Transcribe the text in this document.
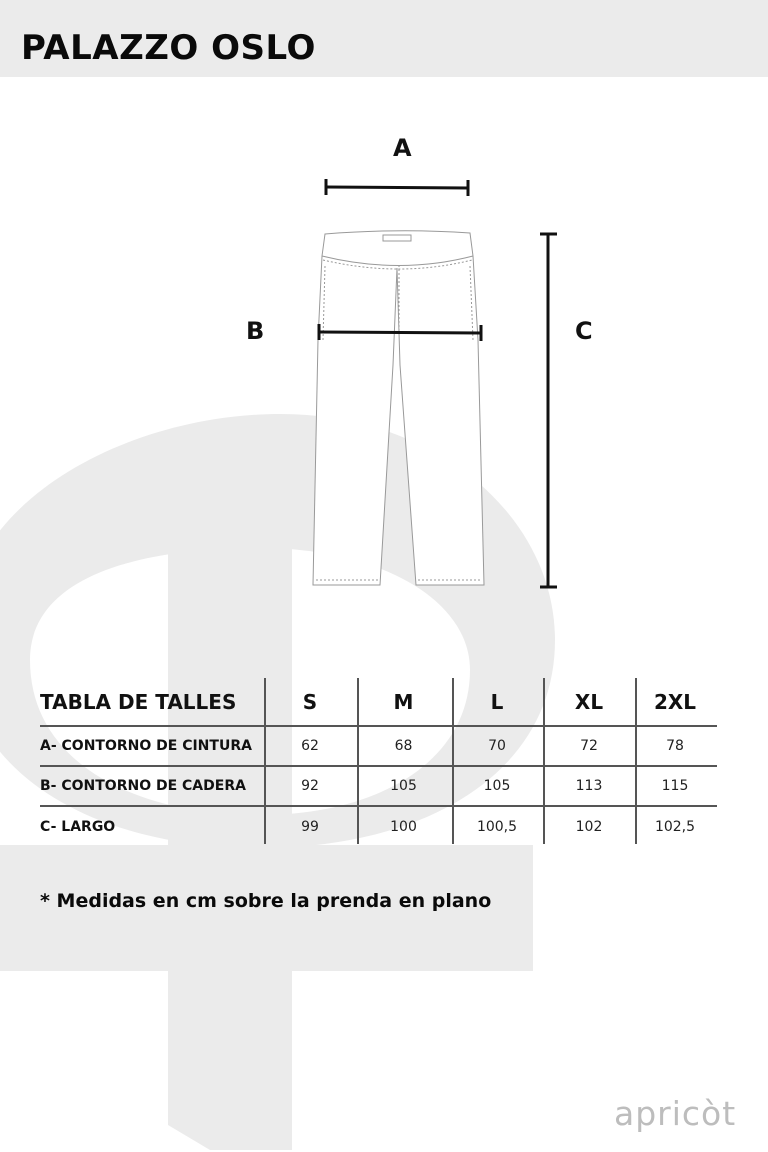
PALAZZO OSLO
A
B	C
TABLA DE TALLES	S	M	L	XL	2XL
A- CONTORNO DE CINTURA	62	68	70	72	78
B- CONTORNO DE CADERA	92	105	105	113	115
C- LARGO	99	100	100,5	102	102,5
* Medidas en cm sobre la prenda en plano
apricòt
